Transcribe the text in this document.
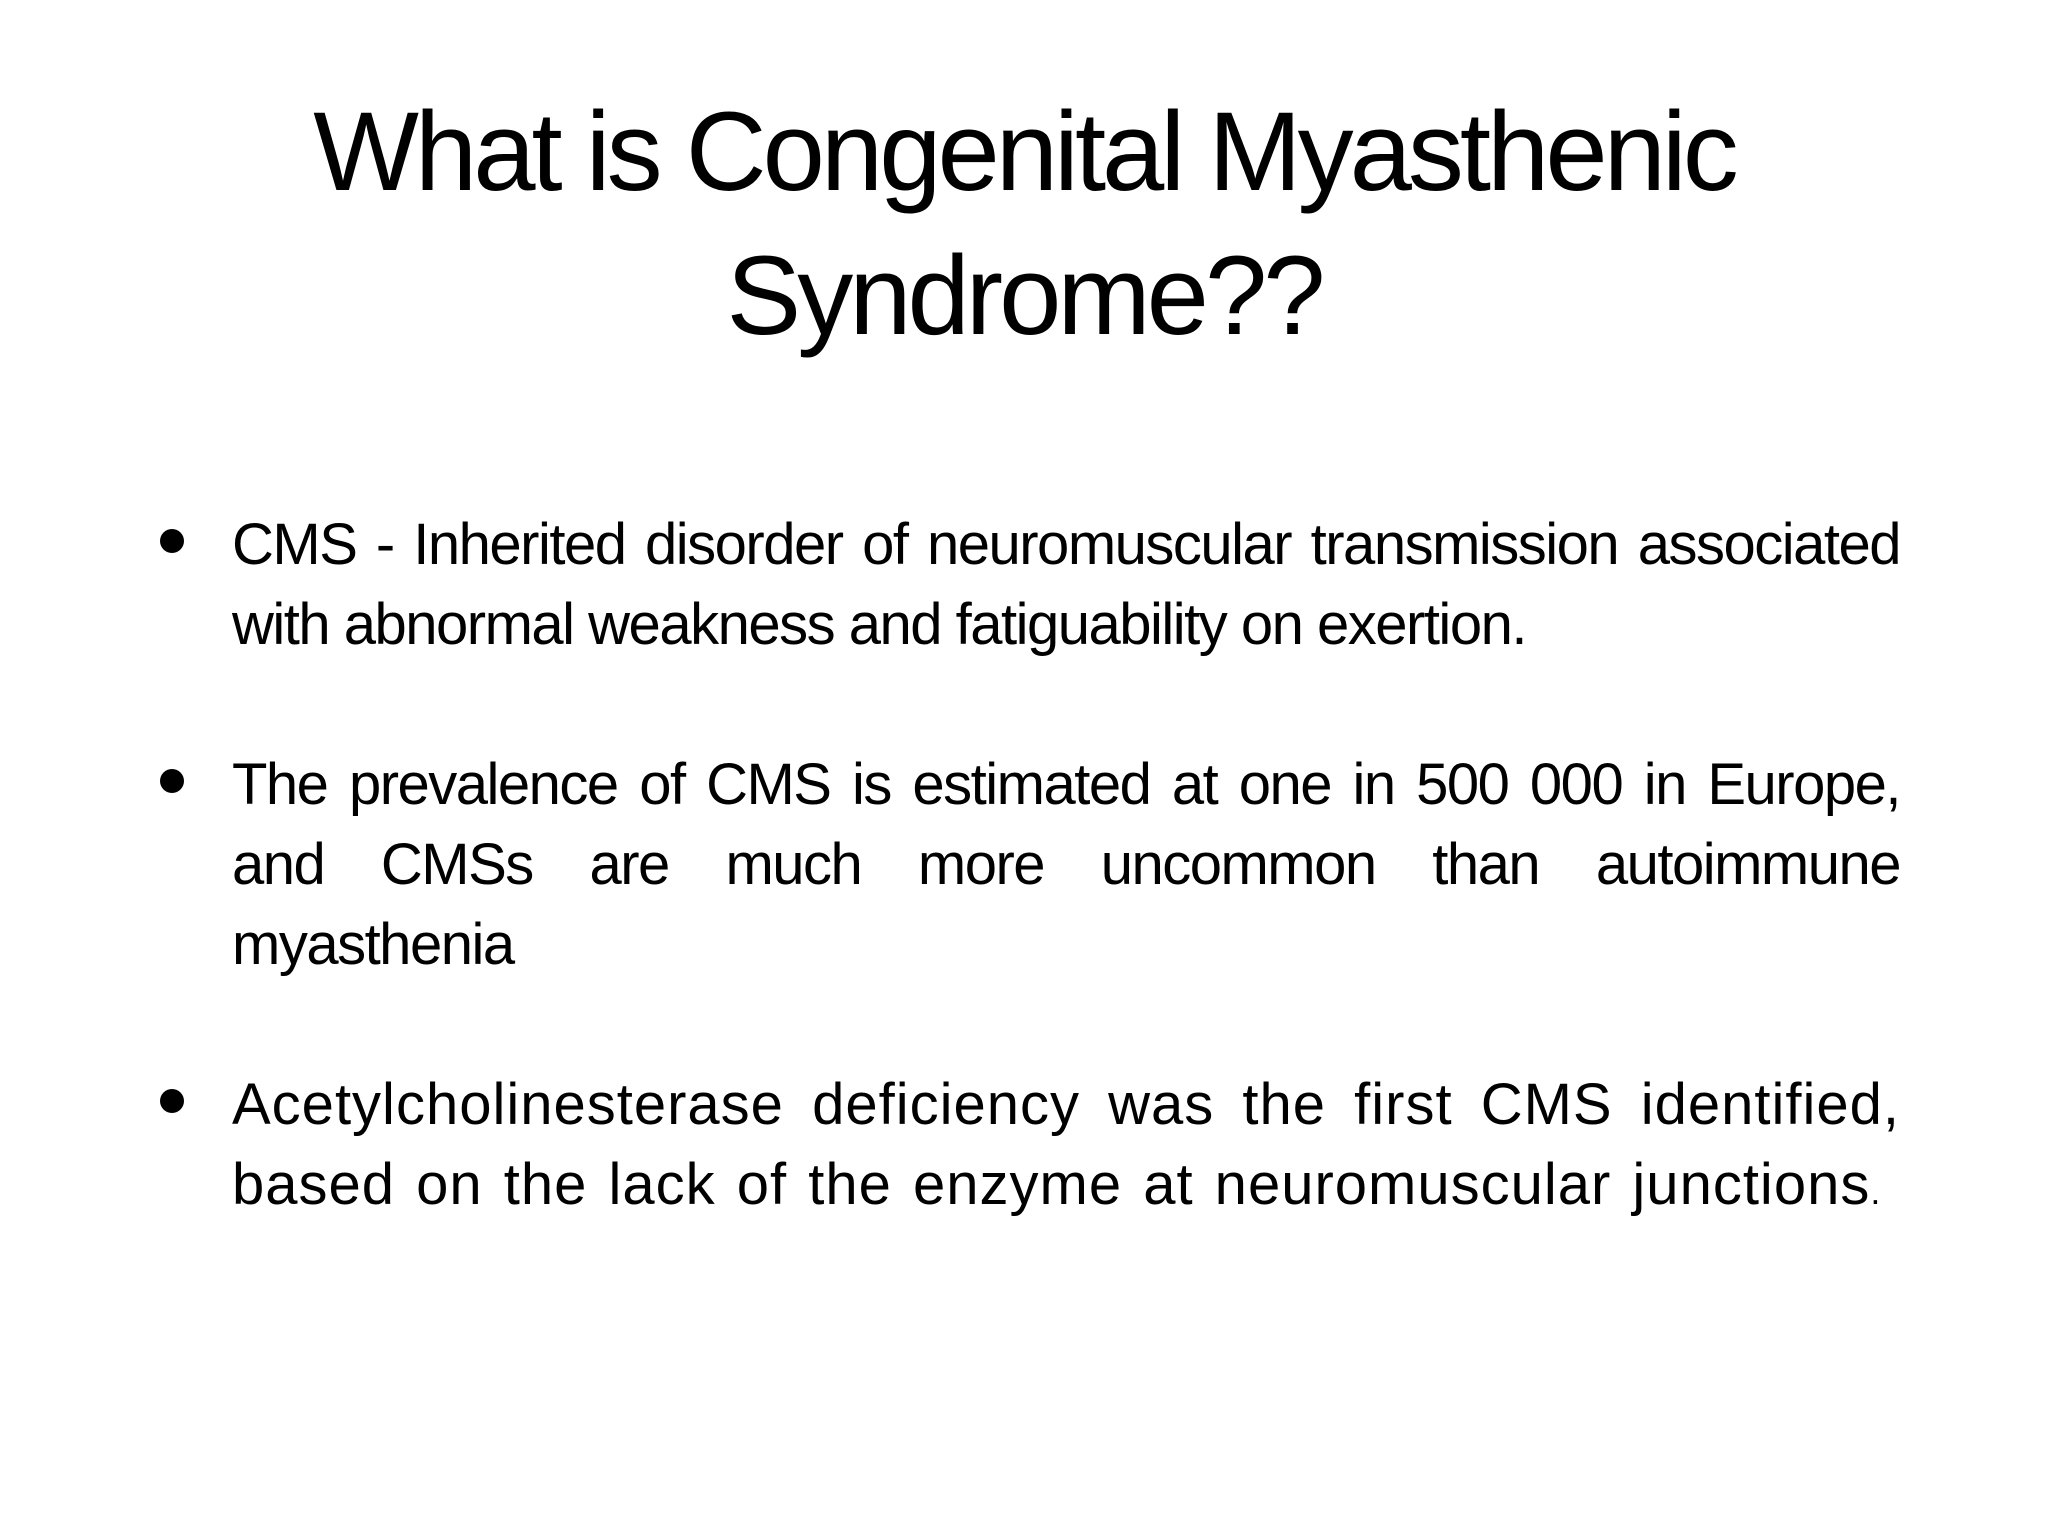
What is Congenital Myasthenic Syndrome??
CMS - Inherited disorder of neuromuscular transmission associated with abnormal weakness and fatiguability on exertion.
The prevalence of CMS is estimated at one in 500 000 in Europe, and CMSs are much more uncommon than autoimmune myasthenia
Acetylcholinesterase deficiency was the first CMS identified, based on the lack of the enzyme at neuromuscular junctions.
